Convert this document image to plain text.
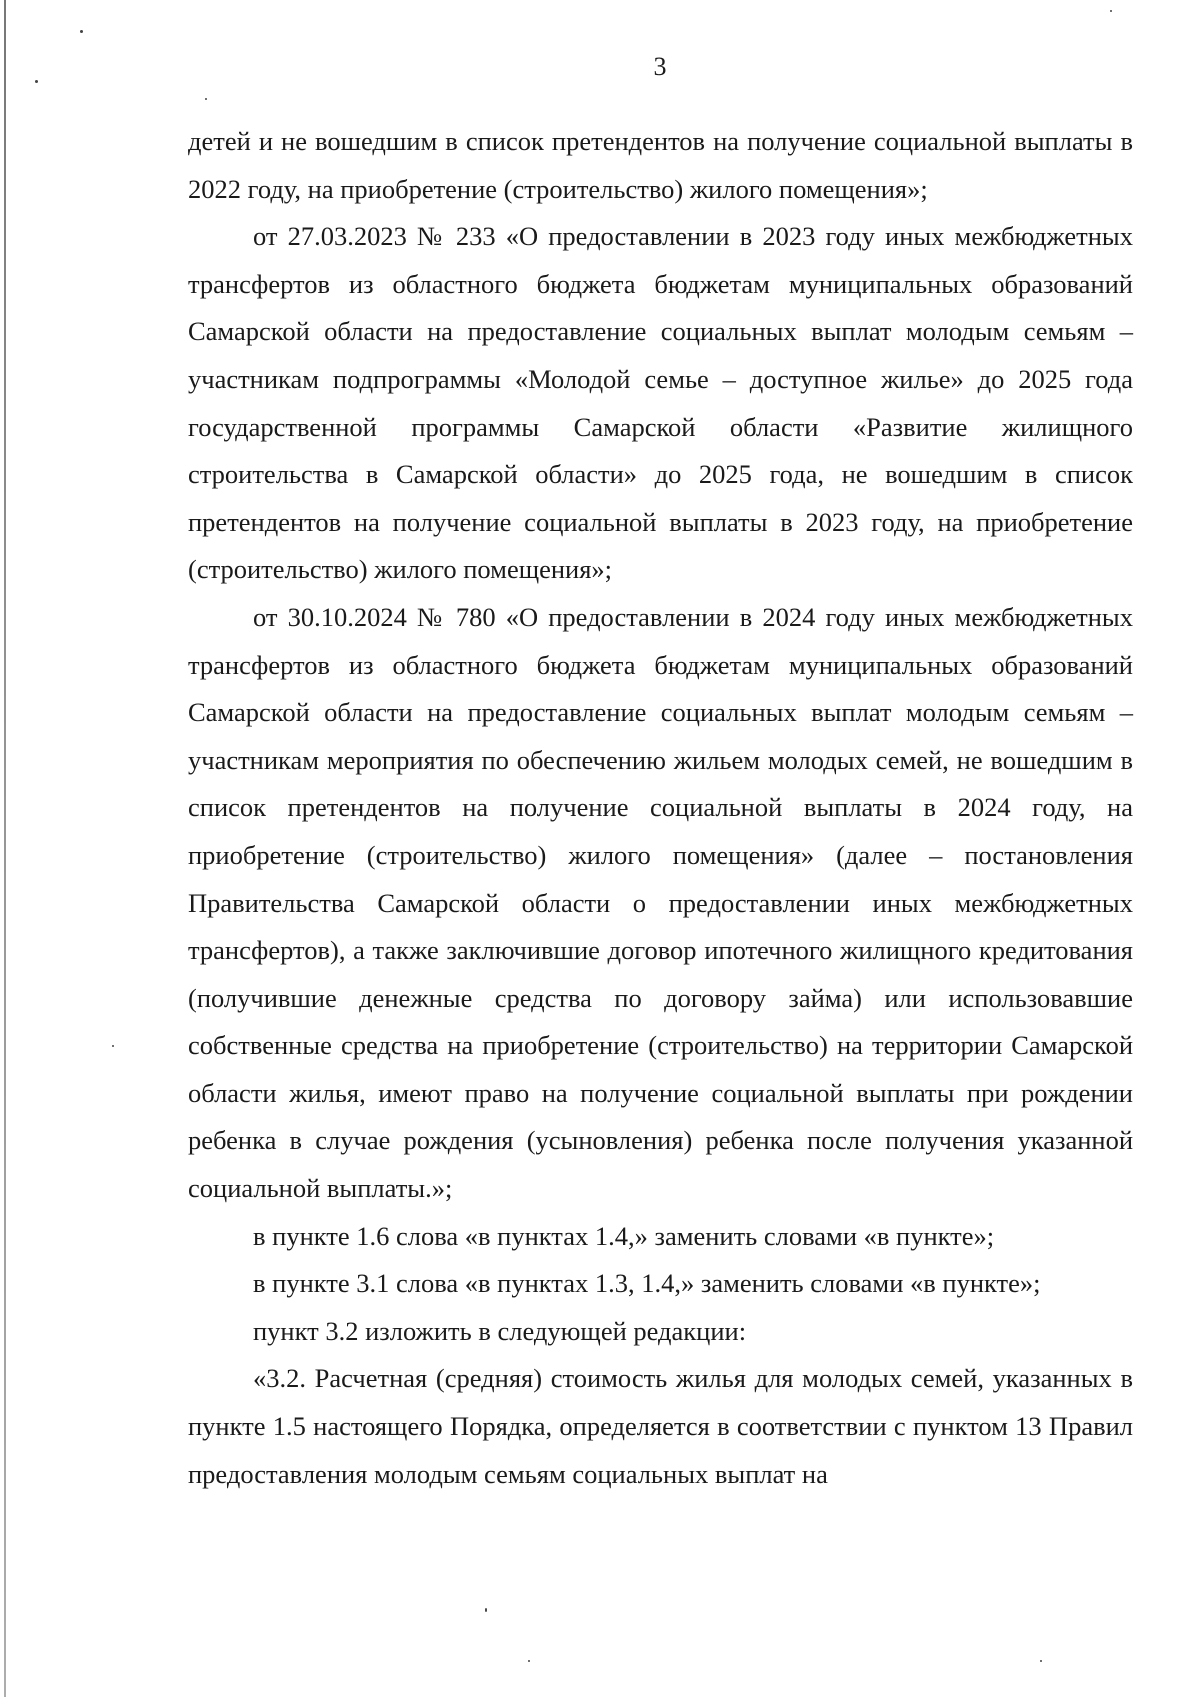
3

детей и не вошедшим в список претендентов на получение социальной выплаты в 2022 году, на приобретение (строительство) жилого помещения»;

от 27.03.2023 № 233 «О предоставлении в 2023 году иных межбюджетных трансфертов из областного бюджета бюджетам муниципальных образований Самарской области на предоставление социальных выплат молодым семьям – участникам подпрограммы «Молодой семье – доступное жилье» до 2025 года государственной программы Самарской области «Развитие жилищного строительства в Самарской области» до 2025 года, не вошедшим в список претендентов на получение социальной выплаты в 2023 году, на приобретение (строительство) жилого помещения»;

от 30.10.2024 № 780 «О предоставлении в 2024 году иных межбюджетных трансфертов из областного бюджета бюджетам муниципальных образований Самарской области на предоставление социальных выплат молодым семьям – участникам мероприятия по обеспечению жильем молодых семей, не вошедшим в список претендентов на получение социальной выплаты в 2024 году, на приобретение (строительство) жилого помещения» (далее – постановления Правительства Самарской области о предоставлении иных межбюджетных трансфертов), а также заключившие договор ипотечного жилищного кредитования (получившие денежные средства по договору займа) или использовавшие собственные средства на приобретение (строительство) на территории Самарской области жилья, имеют право на получение социальной выплаты при рождении ребенка в случае рождения (усыновления) ребенка после получения указанной социальной выплаты.»;

в пункте 1.6 слова «в пунктах 1.4,» заменить словами «в пункте»;

в пункте 3.1 слова «в пунктах 1.3, 1.4,» заменить словами «в пункте»;

пункт 3.2 изложить в следующей редакции:

«3.2. Расчетная (средняя) стоимость жилья для молодых семей, указанных в пункте 1.5 настоящего Порядка, определяется в соответствии с пунктом 13 Правил предоставления молодым семьям социальных выплат на
